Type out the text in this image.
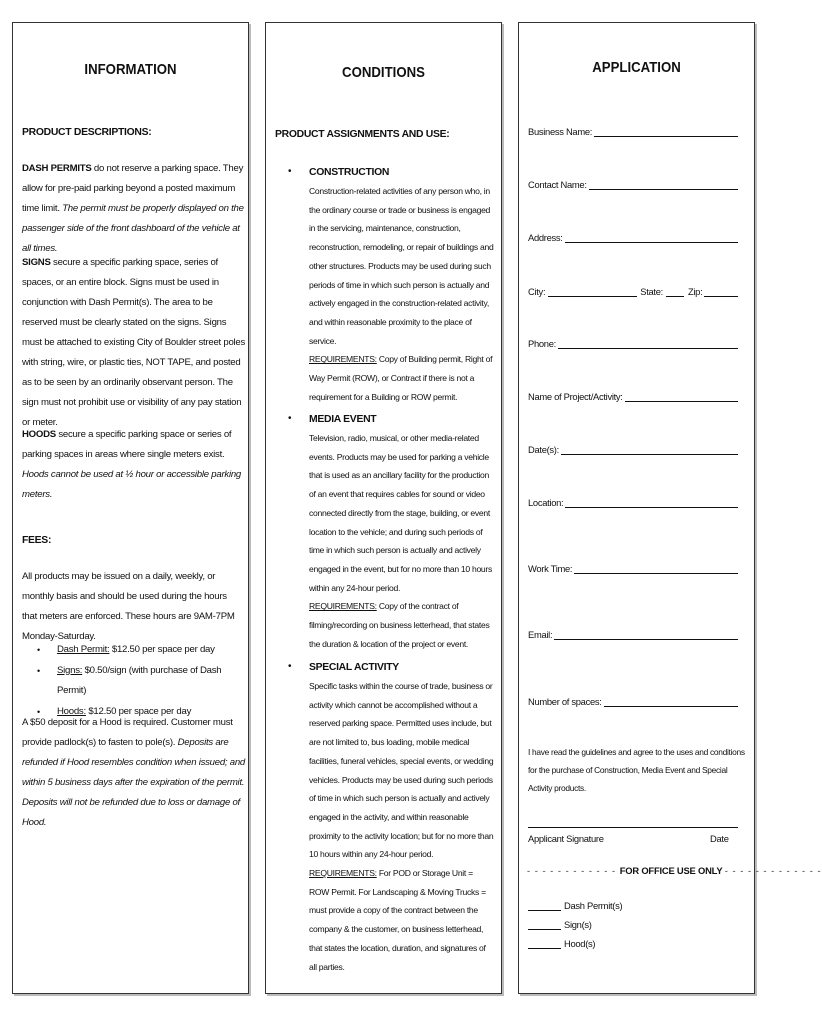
INFORMATION
PRODUCT DESCRIPTIONS:

DASH PERMITS do not reserve a parking space. They allow for pre-paid parking beyond a posted maximum time limit. The permit must be properly displayed on the passenger side of the front dashboard of the vehicle at all times.

SIGNS secure a specific parking space, series of spaces, or an entire block. Signs must be used in conjunction with Dash Permit(s). The area to be reserved must be clearly stated on the signs. Signs must be attached to existing City of Boulder street poles with string, wire, or plastic ties, NOT TAPE, and posted as to be seen by an ordinarily observant person. The sign must not prohibit use or visibility of any pay station or meter.

HOODS secure a specific parking space or series of parking spaces in areas where single meters exist. Hoods cannot be used at ½ hour or accessible parking meters.

FEES:

All products may be issued on a daily, weekly, or monthly basis and should be used during the hours that meters are enforced. These hours are 9AM-7PM Monday-Saturday.

• Dash Permit: $12.50 per space per day
• Signs: $0.50/sign (with purchase of Dash Permit)
• Hoods: $12.50 per space per day

A $50 deposit for a Hood is required. Customer must provide padlock(s) to fasten to pole(s). Deposits are refunded if Hood resembles condition when issued; and within 5 business days after the expiration of the permit. Deposits will not be refunded due to loss or damage of Hood.

CONDITIONS
PRODUCT ASSIGNMENTS AND USE:
• CONSTRUCTION
Construction-related activities of any person who, in the ordinary course or trade or business is engaged in the servicing, maintenance, construction, reconstruction, remodeling, or repair of buildings and other structures. Products may be used during such periods of time in which such person is actually and actively engaged in the construction-related activity, and within reasonable proximity to the place of service.
REQUIREMENTS: Copy of Building permit, Right of Way Permit (ROW), or Contract if there is not a requirement for a Building or ROW permit.
• MEDIA EVENT
Television, radio, musical, or other media-related events. Products may be used for parking a vehicle that is used as an ancillary facility for the production of an event that requires cables for sound or video connected directly from the stage, building, or event location to the vehicle; and during such periods of time in which such person is actually and actively engaged in the event, but for no more than 10 hours within any 24-hour period.
REQUIREMENTS: Copy of the contract of filming/recording on business letterhead, that states the duration & location of the project or event.
• SPECIAL ACTIVITY
Specific tasks within the course of trade, business or activity which cannot be accomplished without a reserved parking space. Permitted uses include, but are not limited to, bus loading, mobile medical facilities, funeral vehicles, special events, or wedding vehicles. Products may be used during such periods of time in which such person is actually and actively engaged in the activity, and within reasonable proximity to the activity location; but for no more than 10 hours within any 24-hour period.
REQUIREMENTS: For POD or Storage Unit = ROW Permit. For Landscaping & Moving Trucks = must provide a copy of the contract between the company & the customer, on business letterhead, that states the location, duration, and signatures of all parties.
APPLICATION
Business Name:
Contact Name:
Address:
City:	State:	Zip:
Phone:
Name of Project/Activity:
Date(s):
Location:
Work Time:
Email:
Number of spaces:
I have read the guidelines and agree to the uses and conditions for the purchase of Construction, Media Event and Special Activity products.
Applicant Signature	Date
- - - - - - - - - - - - FOR OFFICE USE ONLY - - - - - - - - - - - - -
Dash Permit(s)
Sign(s)
Hood(s)
